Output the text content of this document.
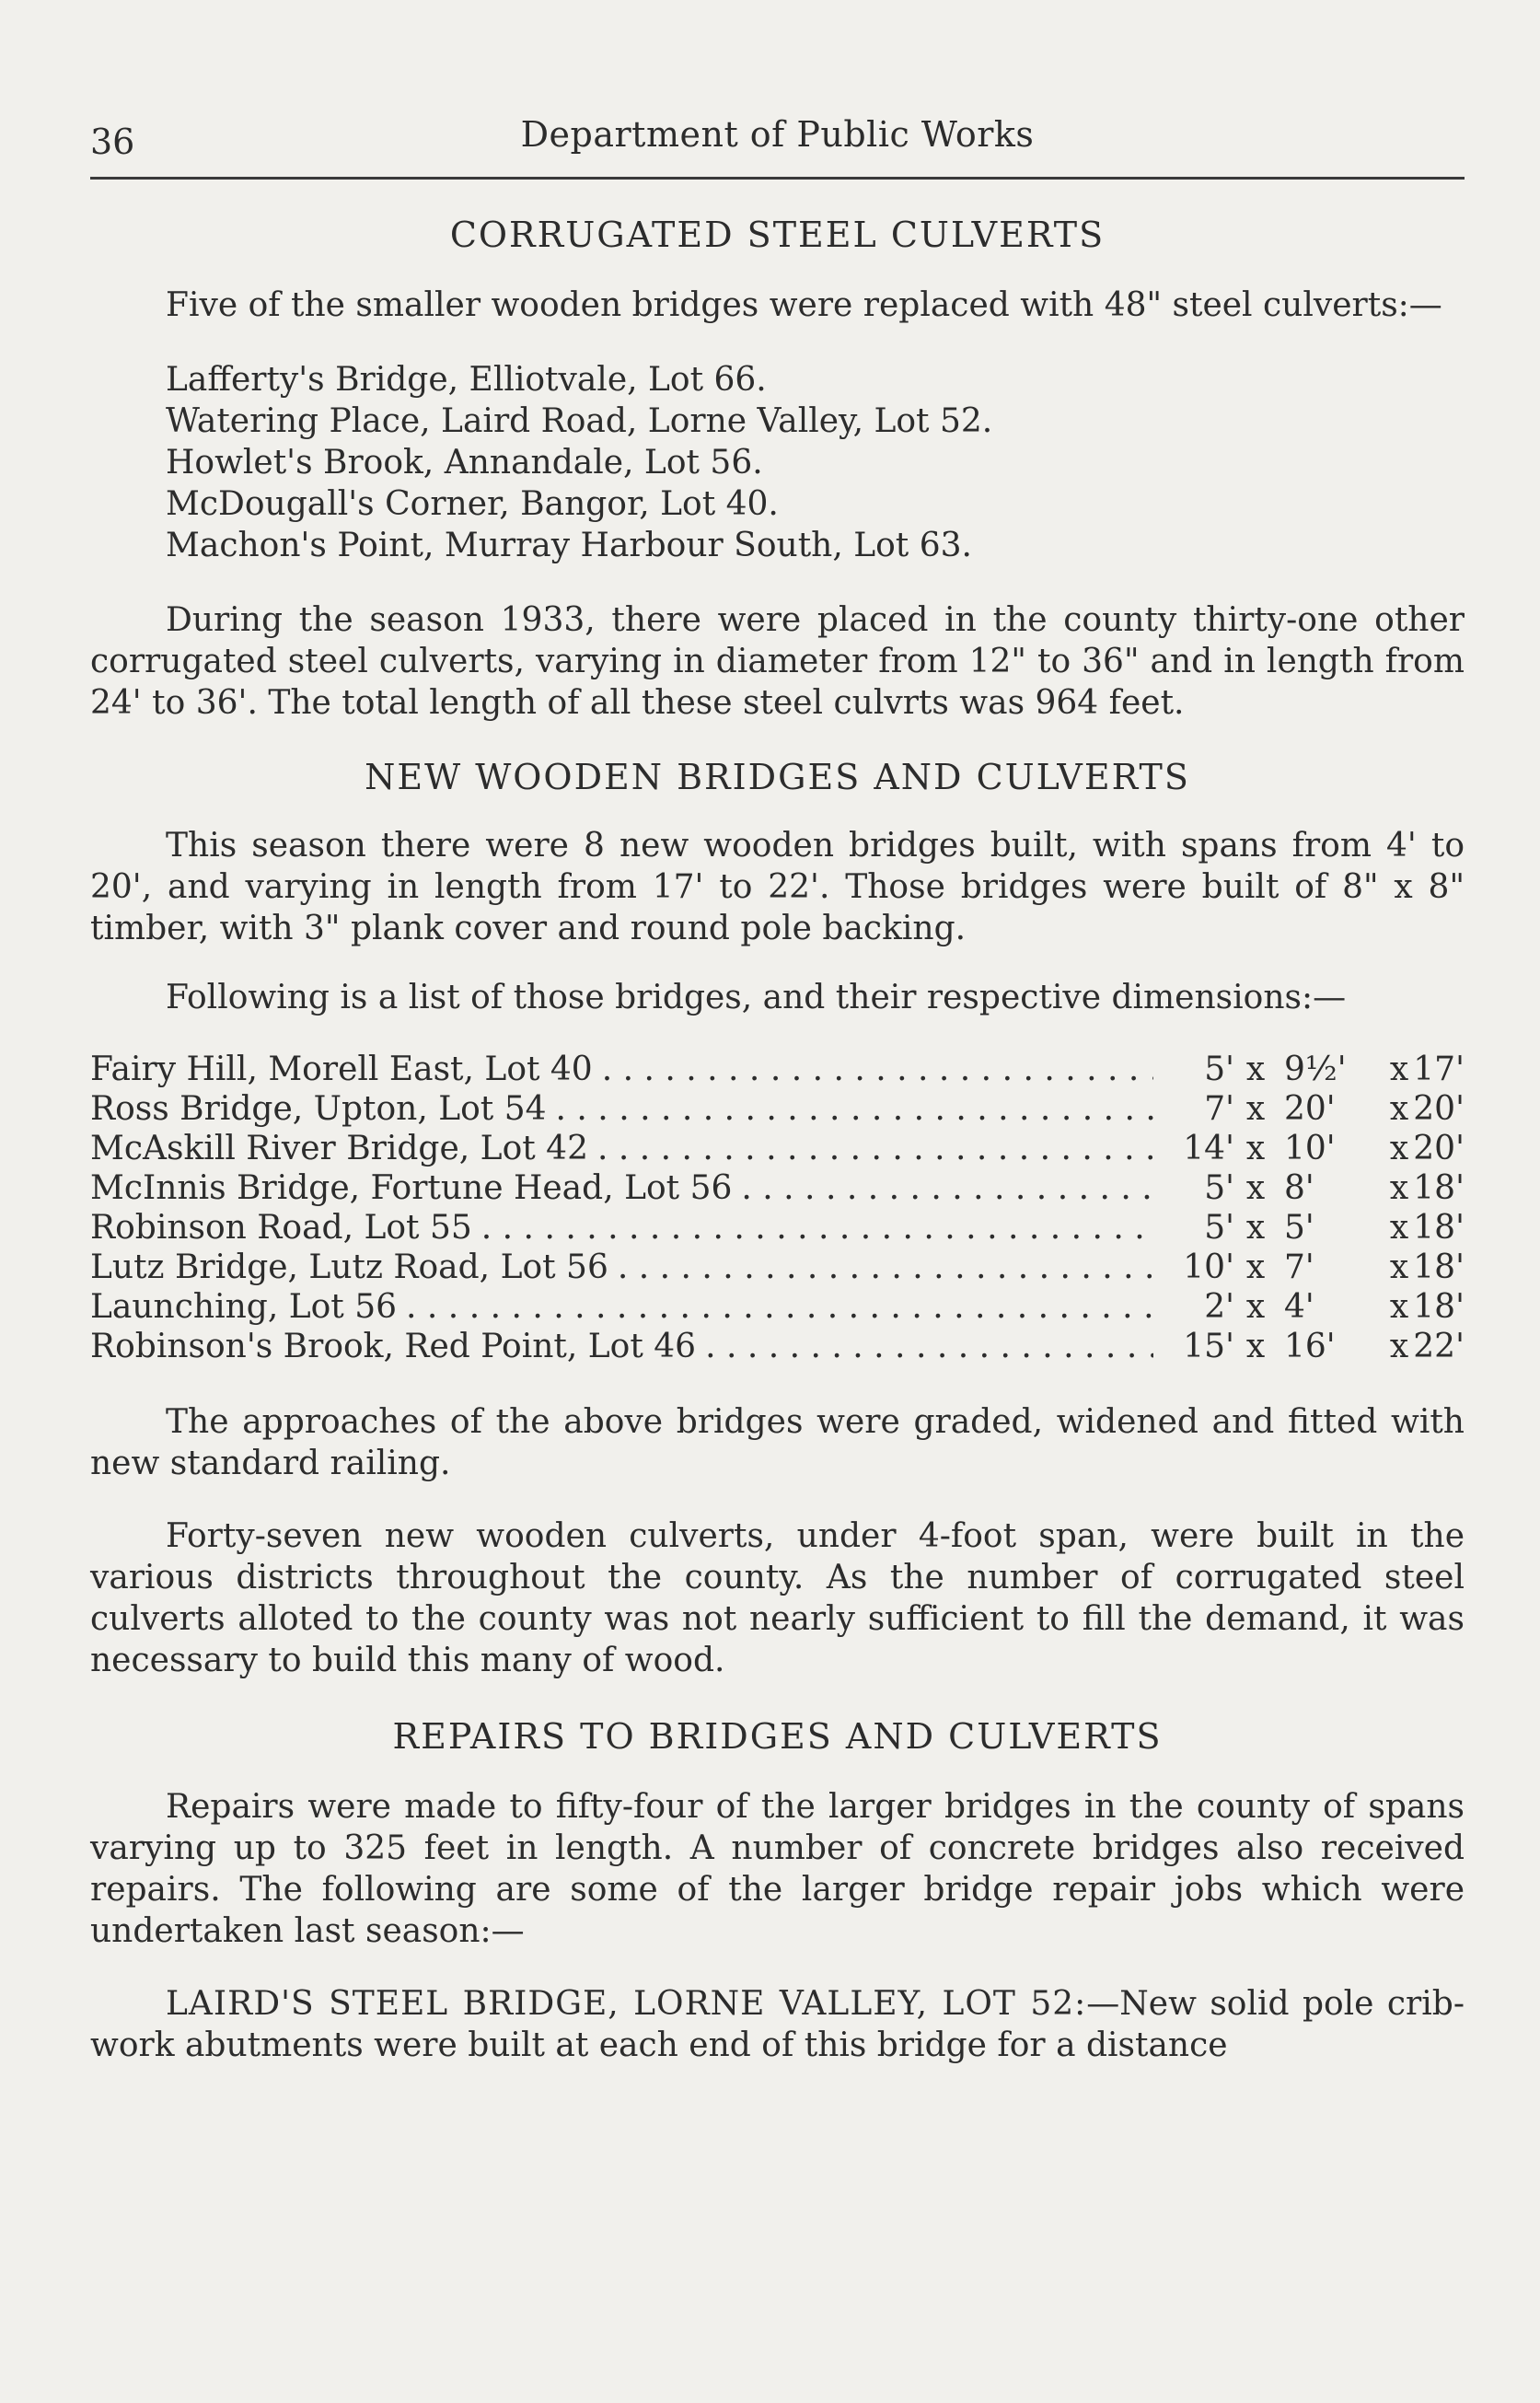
36	Department of Public Works
CORRUGATED STEEL CULVERTS

Five of the smaller wooden bridges were replaced with 48" steel culverts:—

Lafferty's Bridge, Elliotvale, Lot 66.
Watering Place, Laird Road, Lorne Valley, Lot 52.
Howlet's Brook, Annandale, Lot 56.
McDougall's Corner, Bangor, Lot 40.
Machon's Point, Murray Harbour South, Lot 63.

During the season 1933, there were placed in the county thirty-one other corrugated steel culverts, varying in diameter from 12" to 36" and in length from 24' to 36'. The total length of all these steel culvrts was 964 feet.

NEW WOODEN BRIDGES AND CULVERTS

This season there were 8 new wooden bridges built, with spans from 4' to 20', and varying in length from 17' to 22'. Those bridges were built of 8" x 8" timber, with 3" plank cover and round pole backing.

Following is a list of those bridges, and their respective dimensions:—

Fairy Hill, Morell East, Lot 40 . . .	5' x 9½'	x 17'
Ross Bridge, Upton, Lot 54 . . .	7' x 20'	x 20'
McAskill River Bridge, Lot 42 . . .	14' x 10'	x 20'
McInnis Bridge, Fortune Head, Lot 56 . . .	5' x 8'	x 18'
Robinson Road, Lot 55 . . .	5' x 5'	x 18'
Lutz Bridge, Lutz Road, Lot 56 . . .	10' x 7'	x 18'
Launching, Lot 56 . . .	2' x 4'	x 18'
Robinson's Brook, Red Point, Lot 46 . . .	15' x 16'	x 22'

The approaches of the above bridges were graded, widened and fitted with new standard railing.

Forty-seven new wooden culverts, under 4-foot span, were built in the various districts throughout the county. As the number of corrugated steel culverts alloted to the county was not nearly sufficient to fill the demand, it was necessary to build this many of wood.

REPAIRS TO BRIDGES AND CULVERTS

Repairs were made to fifty-four of the larger bridges in the county of spans varying up to 325 feet in length. A number of concrete bridges also received repairs. The following are some of the larger bridge repair jobs which were undertaken last season:—

LAIRD'S STEEL BRIDGE, LORNE VALLEY, LOT 52:—New solid pole crib-work abutments were built at each end of this bridge for a distance
